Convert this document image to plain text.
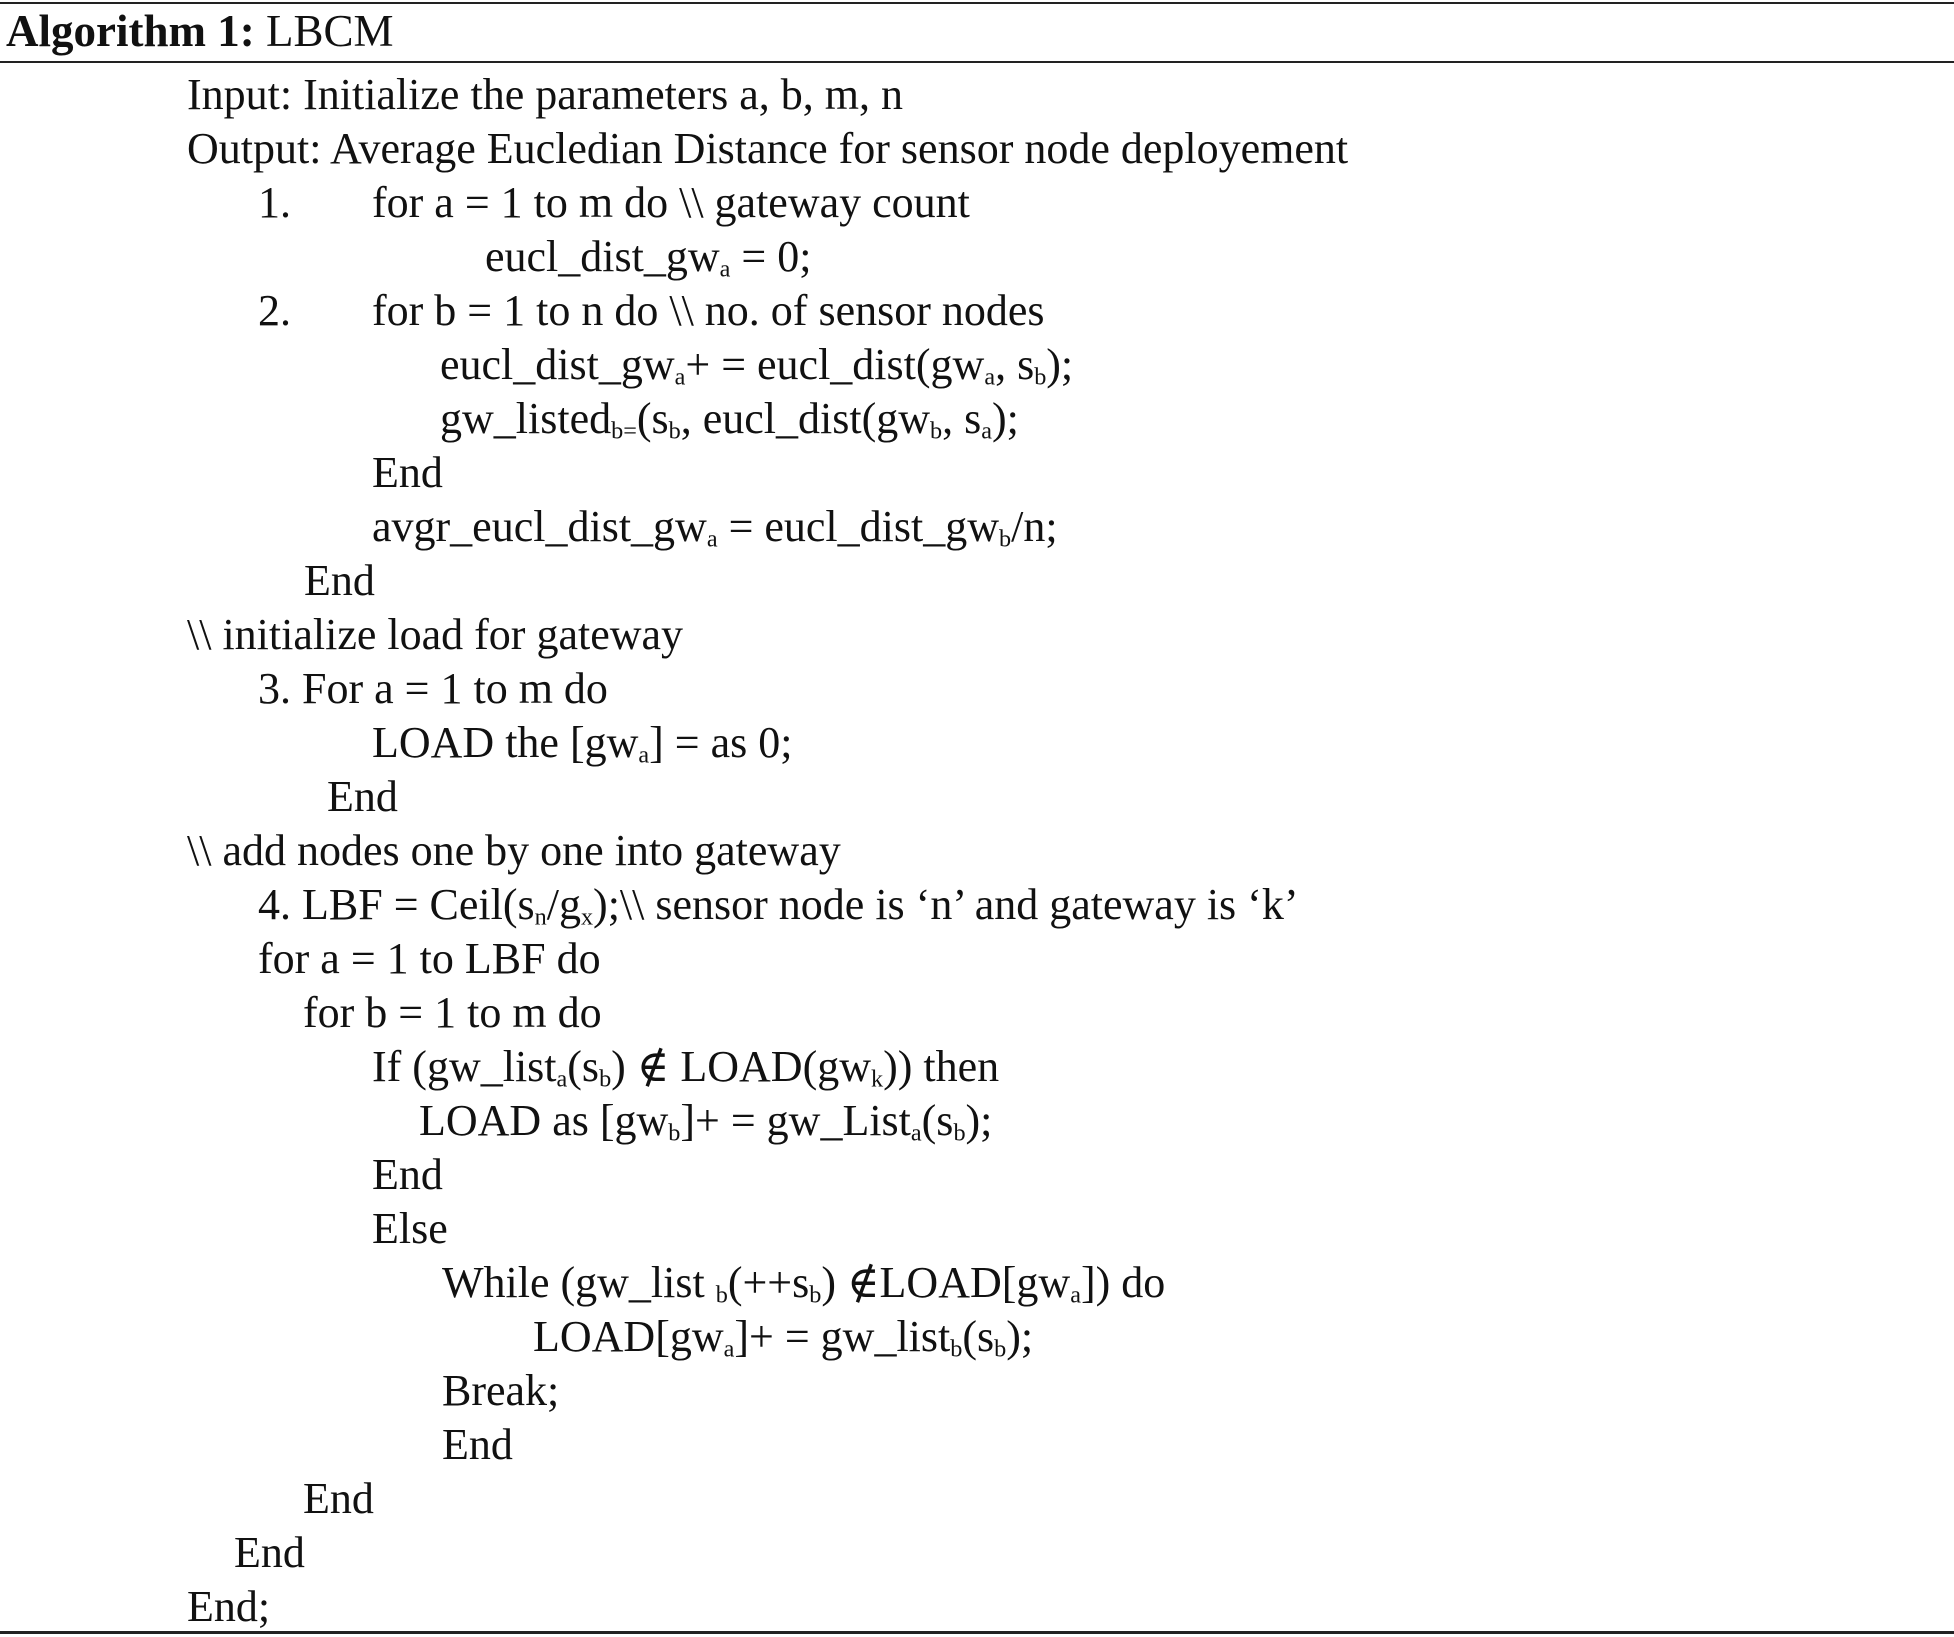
Algorithm 1: LBCM
Input: Initialize the parameters a, b, m, n
Output: Average Eucledian Distance for sensor node deployement
1. for a = 1 to m do \\ gateway count
$eucl\_dist\_gw_a = 0$;
2. for b = 1 to n do \\ no. of sensor nodes
$eucl\_dist\_gw_a+$ = $eucl\_dist(gw_a$, $s_b$);
$gw\_listed_{b=}(s_b$, $eucl\_dist(gw_b$, $s_a$);
End
$avgr\_eucl\_dist\_gw_a$ = $eucl\_dist\_gw_b/n$;
End
\\ initialize load for gateway
3. For a = 1 to m do
LOAD the $[gw_a]$ = as 0;
End
\\ add nodes one by one into gateway
4. LBF = $Ceil(s_n/g_x);\backslash\backslash$ sensor node is ‘n’ and gateway is ‘k’
for a = 1 to LBF do
for b = 1 to m do
If ($gw\_list_a(s_b)$ ∉ $LOAD(gw_k)$) then
LOAD as $[gw_b]+$ = $gw\_List_a(s_b)$;
End
Else
While (gw_list $_b(++s_b)$ $\notin LOAD[gw_a]$) do
$LOAD[gw_a]+$ = $gw\_list_b(s_b)$;
Break;
End
End
End
End;
